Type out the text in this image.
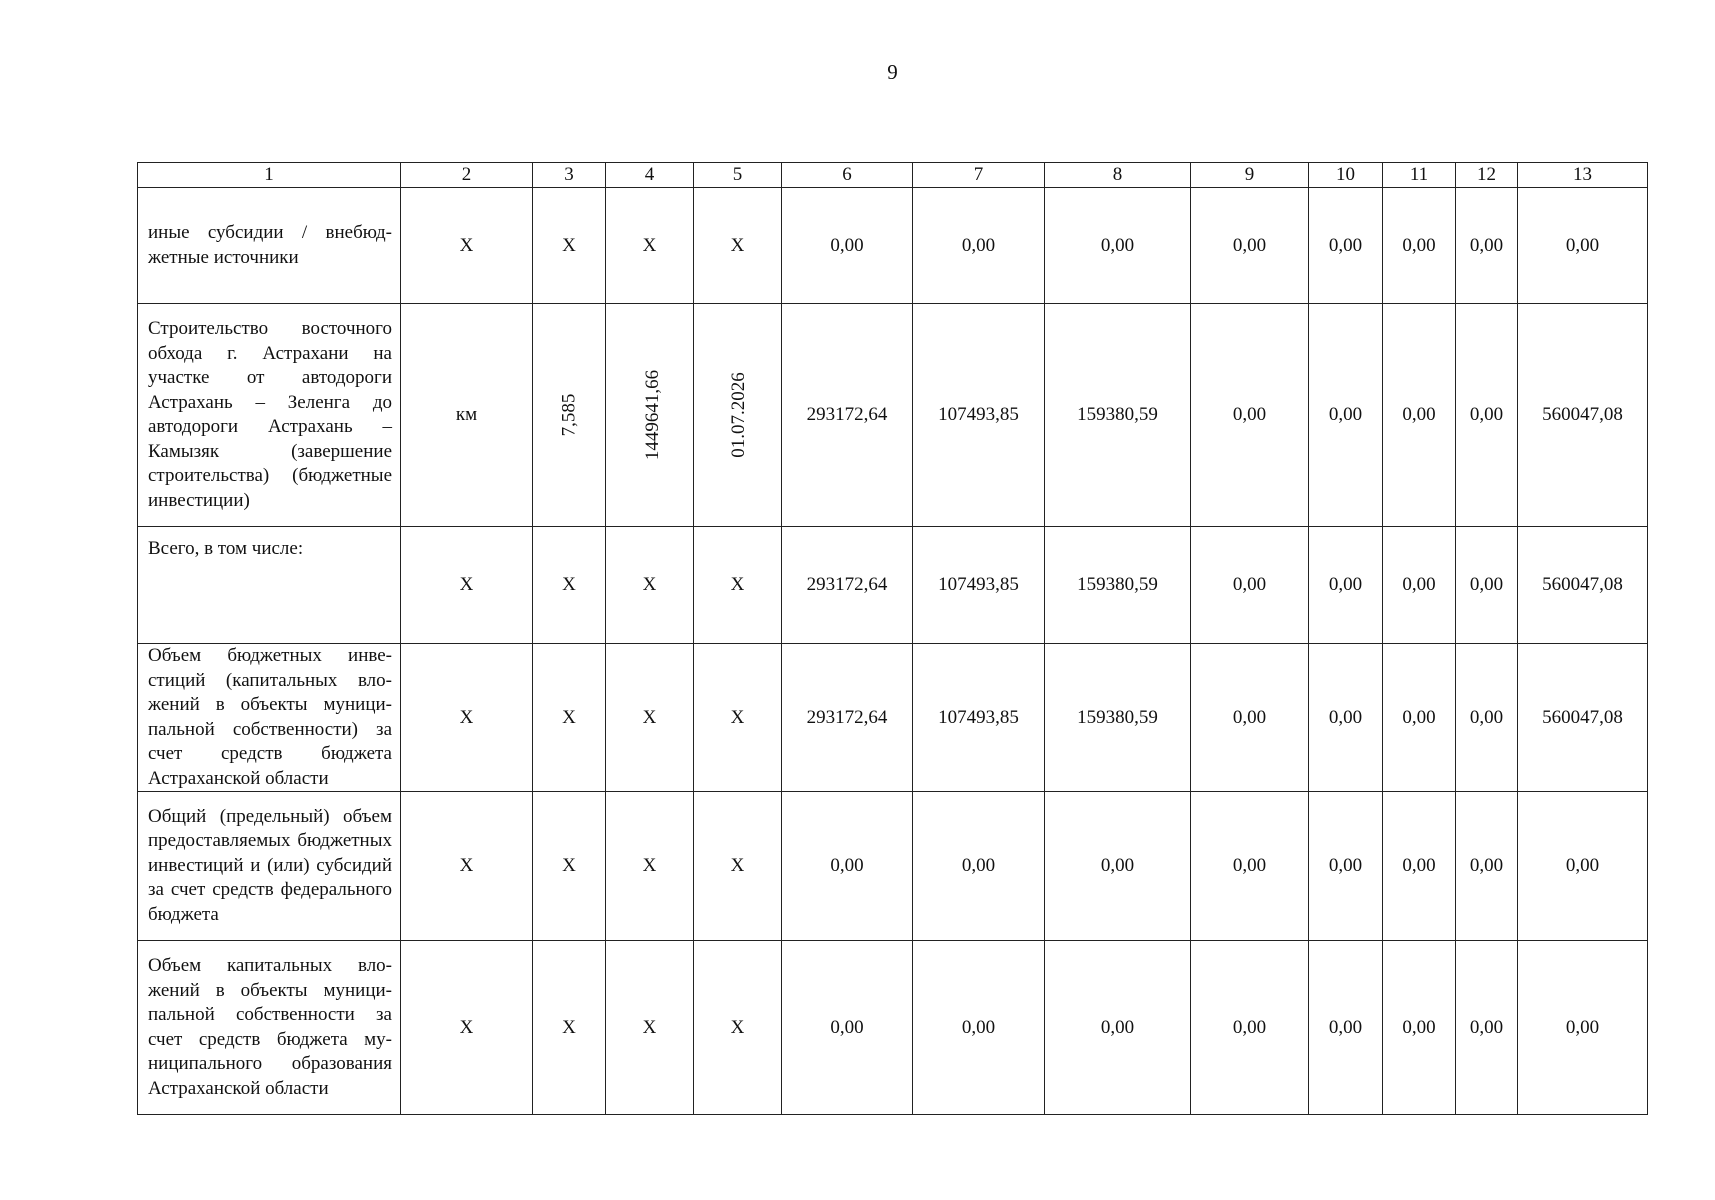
9
1	2	3	4	5	6	7	8	9	10	11	12	13
иные субсидии / внебюджетные источники	X	X	X	X	0,00	0,00	0,00	0,00	0,00	0,00	0,00	0,00
Строительство восточного обхода г. Астрахани на участке от автодороги Астрахань – Зеленга до автодороги Астрахань – Камызяк (завершение строительства) (бюджетные инвестиции)	км	7,585	1449641,66	01.07.2026	293172,64	107493,85	159380,59	0,00	0,00	0,00	0,00	560047,08
Всего, в том числе:	X	X	X	X	293172,64	107493,85	159380,59	0,00	0,00	0,00	0,00	560047,08
Объем бюджетных инвестиций (капитальных вложений в объекты муниципальной собственности) за счет средств бюджета Астраханской области	X	X	X	X	293172,64	107493,85	159380,59	0,00	0,00	0,00	0,00	560047,08
Общий (предельный) объем предоставляемых бюджетных инвестиций и (или) субсидий за счет средств федерального бюджета	X	X	X	X	0,00	0,00	0,00	0,00	0,00	0,00	0,00	0,00
Объем капитальных вложений в объекты муниципальной собственности за счет средств бюджета муниципального образования Астраханской области	X	X	X	X	0,00	0,00	0,00	0,00	0,00	0,00	0,00	0,00
